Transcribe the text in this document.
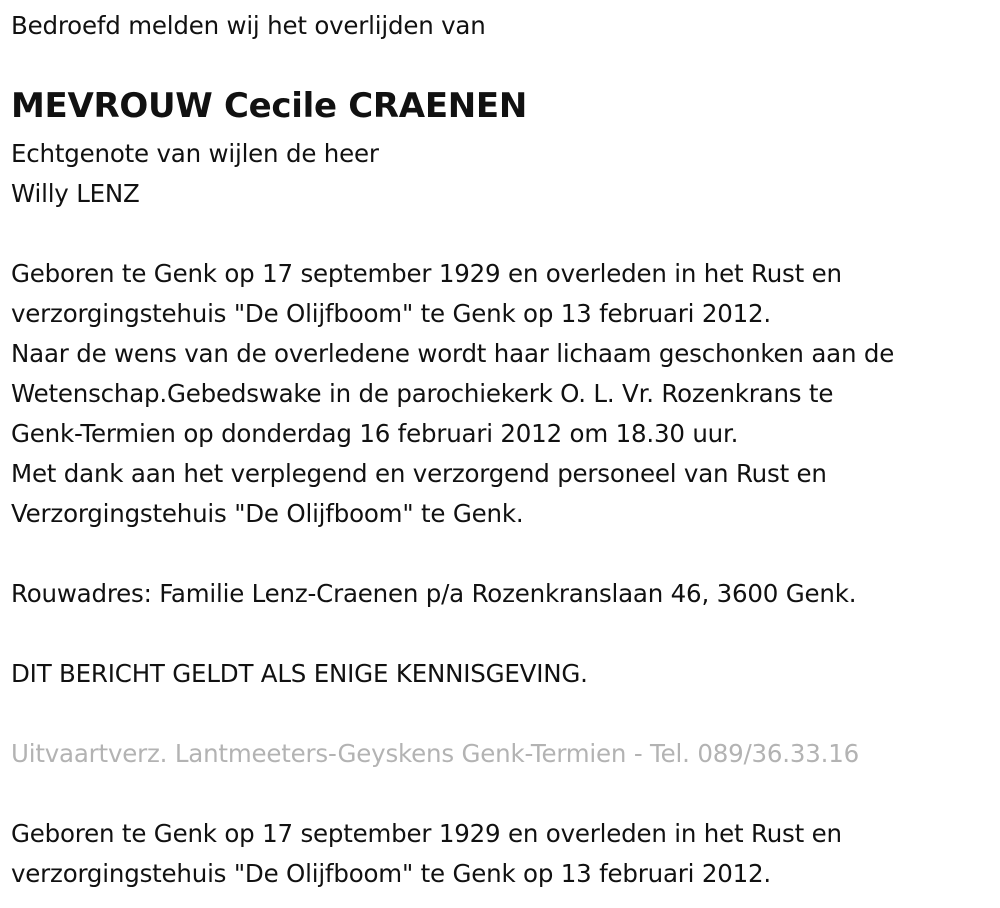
Bedroefd melden wij het overlijden van
MEVROUW Cecile CRAENEN
Echtgenote van wijlen de heer
Willy LENZ
Geboren te Genk op 17 september 1929 en overleden in het Rust en
verzorgingstehuis "De Olijfboom" te Genk op 13 februari 2012.
Naar de wens van de overledene wordt haar lichaam geschonken aan de
Wetenschap.Gebedswake in de parochiekerk O. L. Vr. Rozenkrans te
Genk-Termien op donderdag 16 februari 2012 om 18.30 uur.
Met dank aan het verplegend en verzorgend personeel van Rust en
Verzorgingstehuis "De Olijfboom" te Genk.
Rouwadres: Familie Lenz-Craenen p/a Rozenkranslaan 46, 3600 Genk.
DIT BERICHT GELDT ALS ENIGE KENNISGEVING.
Uitvaartverz. Lantmeeters-Geyskens Genk-Termien - Tel. 089/36.33.16
Geboren te Genk op 17 september 1929 en overleden in het Rust en
verzorgingstehuis "De Olijfboom" te Genk op 13 februari 2012.
